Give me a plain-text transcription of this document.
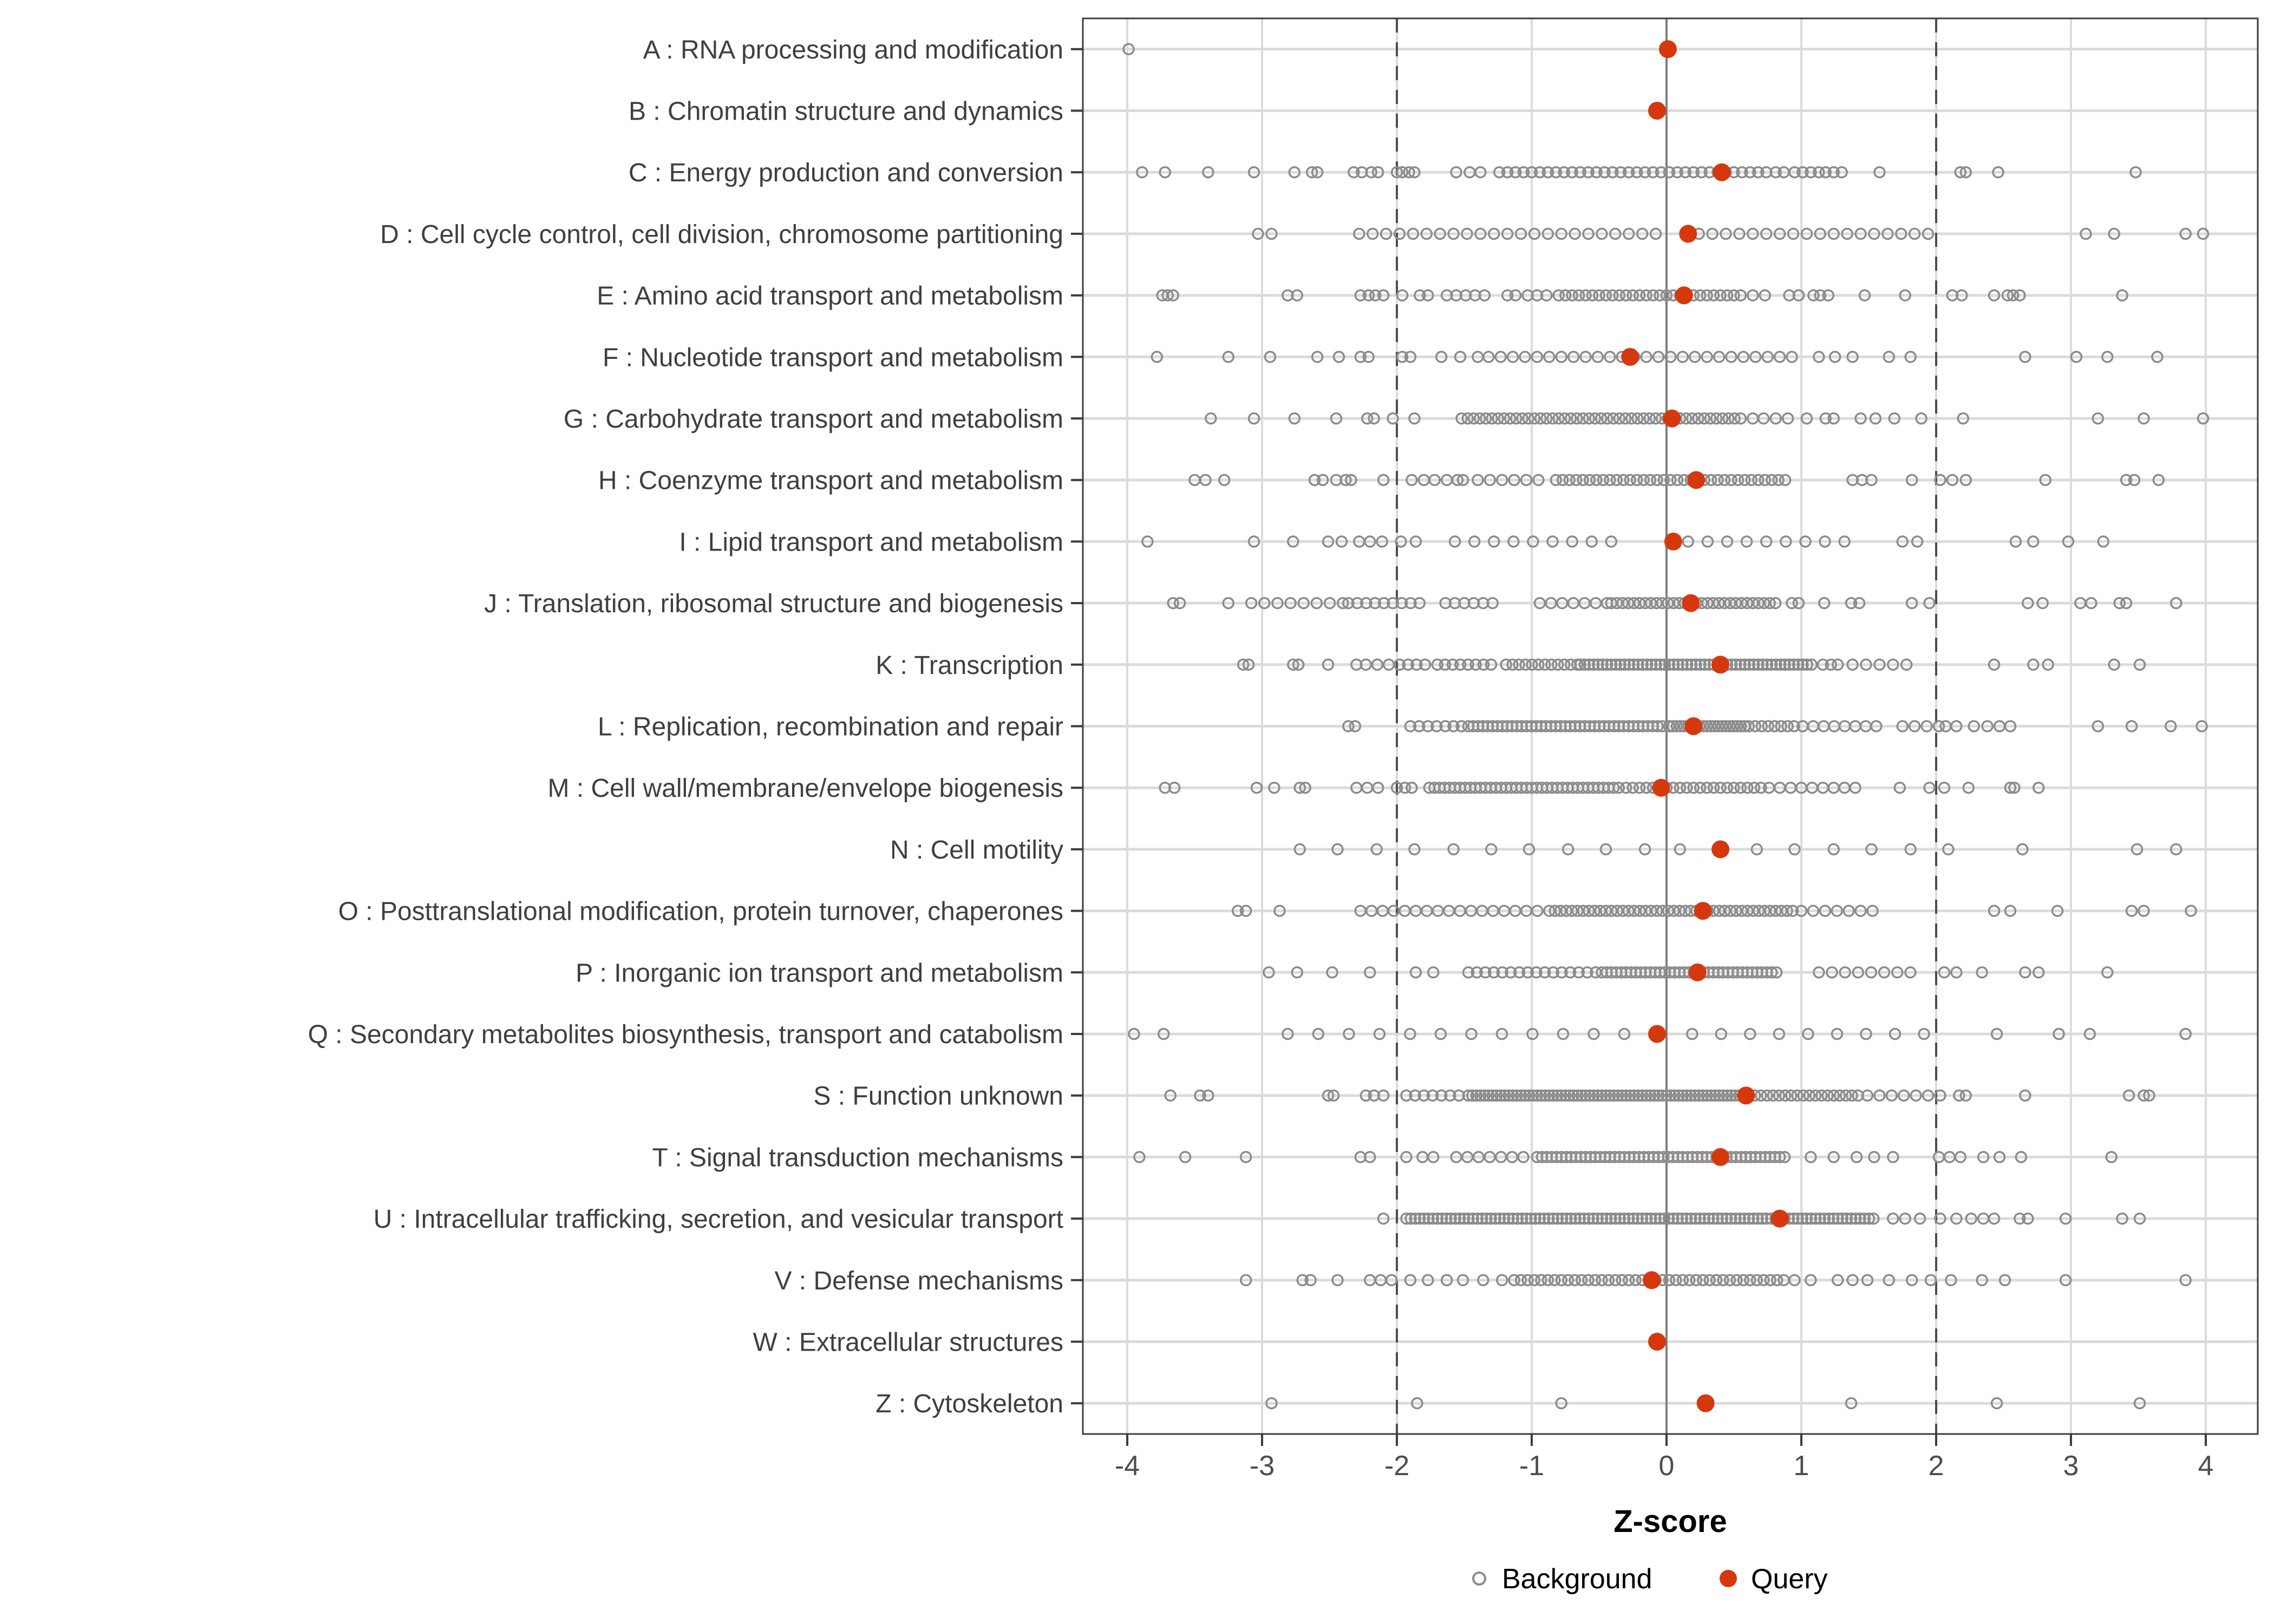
A : RNA processing and modification
B : Chromatin structure and dynamics
C : Energy production and conversion
D : Cell cycle control, cell division, chromosome partitioning
E : Amino acid transport and metabolism
F : Nucleotide transport and metabolism
G : Carbohydrate transport and metabolism
H : Coenzyme transport and metabolism
I : Lipid transport and metabolism
J : Translation, ribosomal structure and biogenesis
K : Transcription
L : Replication, recombination and repair
M : Cell wall/membrane/envelope biogenesis
N : Cell motility
O : Posttranslational modification, protein turnover, chaperones
P : Inorganic ion transport and metabolism
Q : Secondary metabolites biosynthesis, transport and catabolism
S : Function unknown
T : Signal transduction mechanisms
U : Intracellular trafficking, secretion, and vesicular transport
V : Defense mechanisms
W : Extracellular structures
Z : Cytoskeleton
-4	-3	-2	-1	0	1	2	3	4
Z-score
Background	Query
